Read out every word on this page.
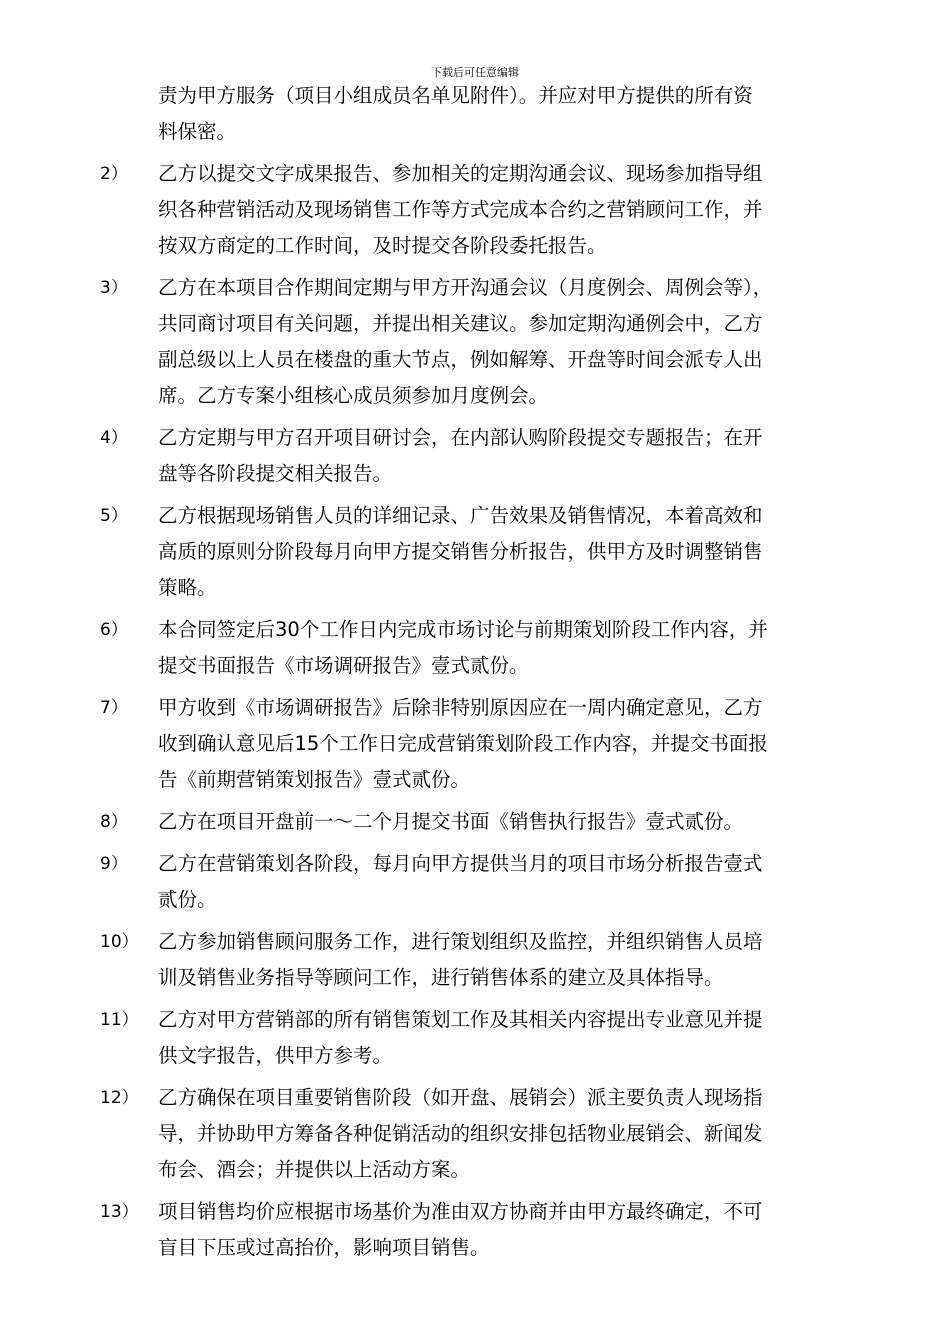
下载后可任意编辑
责为甲方服务（项目小组成员名单见附件）。并应对甲方提供的所有资
料保密。
2） 乙方以提交文字成果报告、参加相关的定期沟通会议、现场参加指导组
织各种营销活动及现场销售工作等方式完成本合约之营销顾问工作，并
按双方商定的工作时间，及时提交各阶段委托报告。
3） 乙方在本项目合作期间定期与甲方开沟通会议（月度例会、周例会等），
共同商讨项目有关问题，并提出相关建议。参加定期沟通例会中，乙方
副总级以上人员在楼盘的重大节点，例如解筹、开盘等时间会派专人出
席。乙方专案小组核心成员须参加月度例会。
4） 乙方定期与甲方召开项目研讨会，在内部认购阶段提交专题报告；在开
盘等各阶段提交相关报告。
5） 乙方根据现场销售人员的详细记录、广告效果及销售情况，本着高效和
高质的原则分阶段每月向甲方提交销售分析报告，供甲方及时调整销售
策略。
6） 本合同签定后30个工作日内完成市场讨论与前期策划阶段工作内容，并
提交书面报告《市场调研报告》壹式贰份。
7） 甲方收到《市场调研报告》后除非特别原因应在一周内确定意见，乙方
收到确认意见后15个工作日完成营销策划阶段工作内容，并提交书面报
告《前期营销策划报告》壹式贰份。
8） 乙方在项目开盘前一～二个月提交书面《销售执行报告》壹式贰份。
9） 乙方在营销策划各阶段，每月向甲方提供当月的项目市场分析报告壹式
贰份。
10） 乙方参加销售顾问服务工作，进行策划组织及监控，并组织销售人员培
训及销售业务指导等顾问工作，进行销售体系的建立及具体指导。
11） 乙方对甲方营销部的所有销售策划工作及其相关内容提出专业意见并提
供文字报告，供甲方参考。
12） 乙方确保在项目重要销售阶段（如开盘、展销会）派主要负责人现场指
导，并协助甲方筹备各种促销活动的组织安排包括物业展销会、新闻发
布会、酒会；并提供以上活动方案。
13） 项目销售均价应根据市场基价为准由双方协商并由甲方最终确定，不可
盲目下压或过高抬价，影响项目销售。
